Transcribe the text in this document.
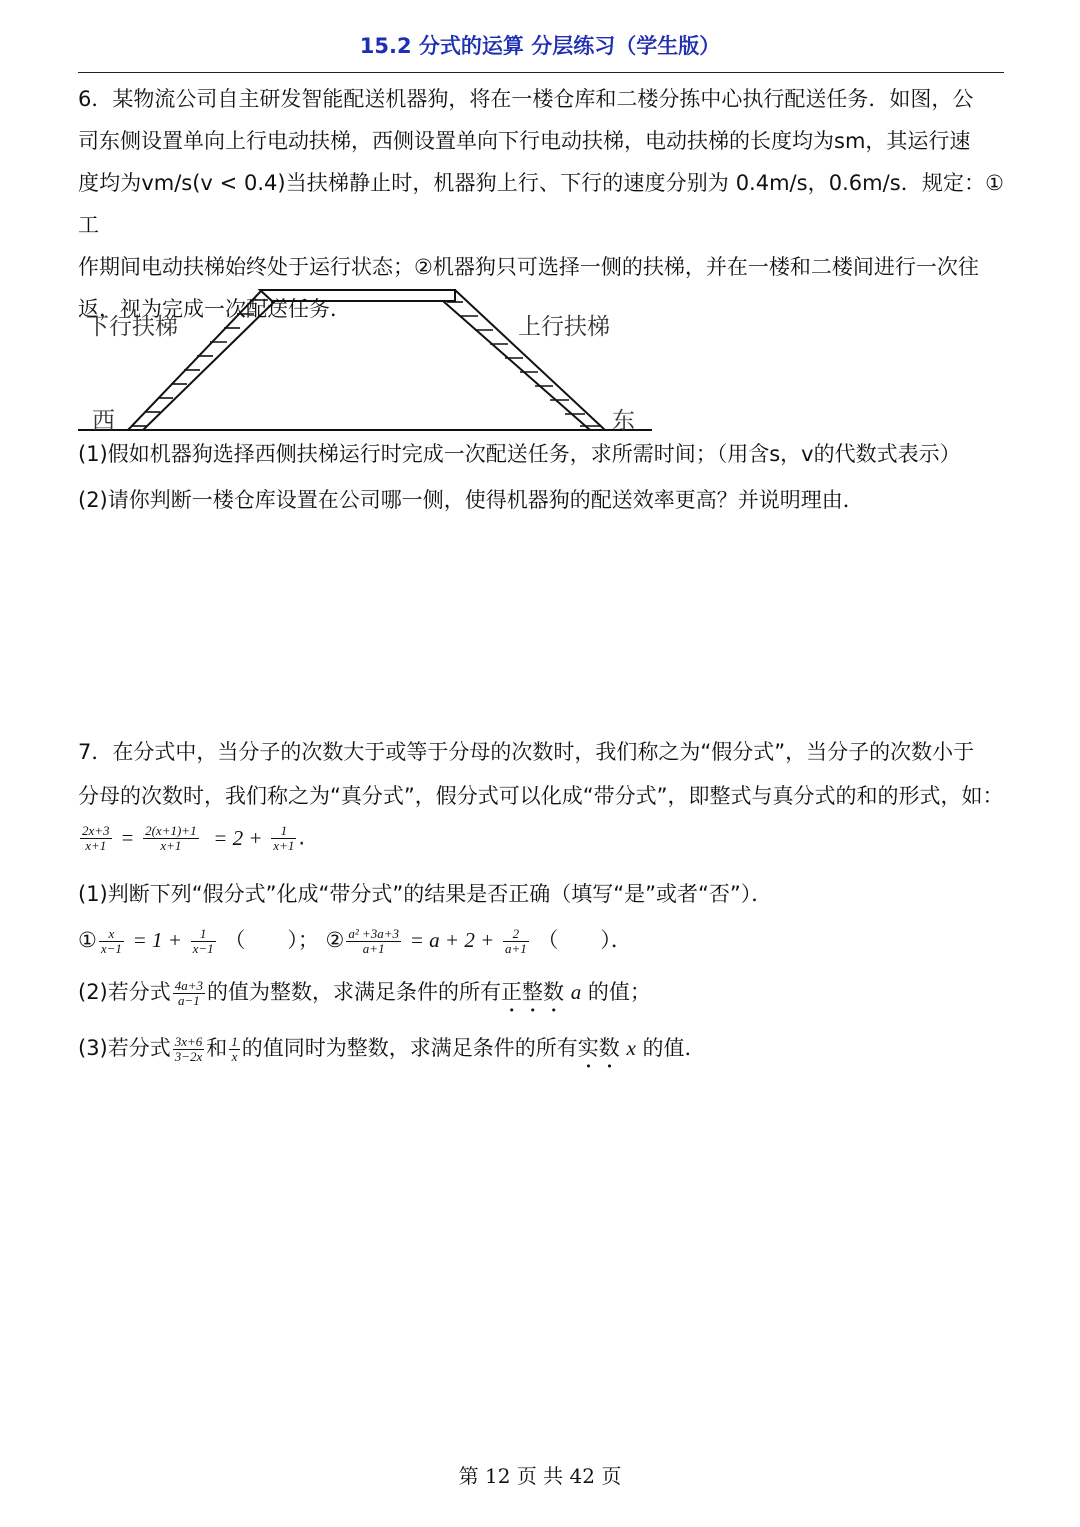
15.2 分式的运算 分层练习（学生版）
6．某物流公司自主研发智能配送机器狗，将在一楼仓库和二楼分拣中心执行配送任务．如图，公
司东侧设置单向上行电动扶梯，西侧设置单向下行电动扶梯，电动扶梯的长度均为sm，其运行速
度均为vm/s(v < 0.4)当扶梯静止时，机器狗上行、下行的速度分别为 0.4m/s，0.6m/s．规定：①工
作期间电动扶梯始终处于运行状态；②机器狗只可选择一侧的扶梯，并在一楼和二楼间进行一次往
返，视为完成一次配送任务．
下行扶梯	上行扶梯
西	东
(1)假如机器狗选择西侧扶梯运行时完成一次配送任务，求所需时间；（用含s，v的代数式表示）
(2)请你判断一楼仓库设置在公司哪一侧，使得机器狗的配送效率更高？并说明理由．
7．在分式中，当分子的次数大于或等于分母的次数时，我们称之为“假分式”，当分子的次数小于
分母的次数时，我们称之为“真分式”，假分式可以化成“带分式”，即整式与真分式的和的形式，如：
$\frac{2x+3}{x+1} = \frac{2(x+1)+1}{x+1} = 2 + \frac{1}{x+1}$ .
(1)判断下列“假分式”化成“带分式”的结果是否正确（填写“是”或者“否”）．
① $\frac{x}{x-1} = 1 + \frac{1}{x-1}$ （　　）； ② $\frac{\text{a² +3a+3}}{a+1} = a + 2 + \frac{2}{a+1}$ （　　）．
(2)若分式 $\frac{4a+3}{a-1}$ 的值为整数，求满足条件的所有正整数 a 的值；
(3)若分式 $\frac{3x+6}{3-2x}$ 和 $\frac{1}{x}$ 的值同时为整数，求满足条件的所有实数 x 的值．
第 12 页 共 42 页
